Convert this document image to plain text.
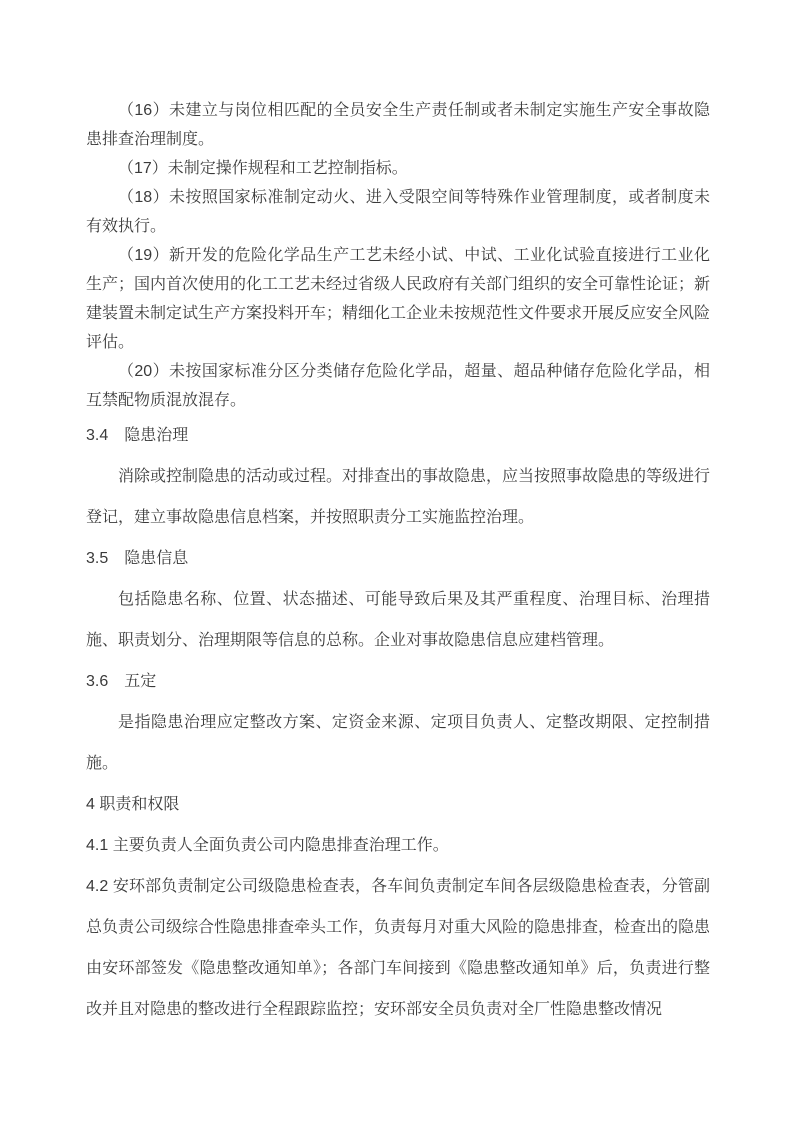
（16）未建立与岗位相匹配的全员安全生产责任制或者未制定实施生产安全事故隐患排查治理制度。

（17）未制定操作规程和工艺控制指标。

（18）未按照国家标准制定动火、进入受限空间等特殊作业管理制度，或者制度未有效执行。

（19）新开发的危险化学品生产工艺未经小试、中试、工业化试验直接进行工业化生产；国内首次使用的化工工艺未经过省级人民政府有关部门组织的安全可靠性论证；新建装置未制定试生产方案投料开车；精细化工企业未按规范性文件要求开展反应安全风险评估。

（20）未按国家标准分区分类储存危险化学品，超量、超品种储存危险化学品，相互禁配物质混放混存。

3.4　隐患治理

消除或控制隐患的活动或过程。对排查出的事故隐患，应当按照事故隐患的等级进行登记，建立事故隐患信息档案，并按照职责分工实施监控治理。

3.5　隐患信息

包括隐患名称、位置、状态描述、可能导致后果及其严重程度、治理目标、治理措施、职责划分、治理期限等信息的总称。企业对事故隐患信息应建档管理。

3.6　五定

是指隐患治理应定整改方案、定资金来源、定项目负责人、定整改期限、定控制措施。

4 职责和权限

4.1 主要负责人全面负责公司内隐患排查治理工作。

4.2 安环部负责制定公司级隐患检查表，各车间负责制定车间各层级隐患检查表，分管副总负责公司级综合性隐患排查牵头工作，负责每月对重大风险的隐患排查，检查出的隐患由安环部签发《隐患整改通知单》；各部门车间接到《隐患整改通知单》后，负责进行整改并且对隐患的整改进行全程跟踪监控；安环部安全员负责对全厂性隐患整改情况
